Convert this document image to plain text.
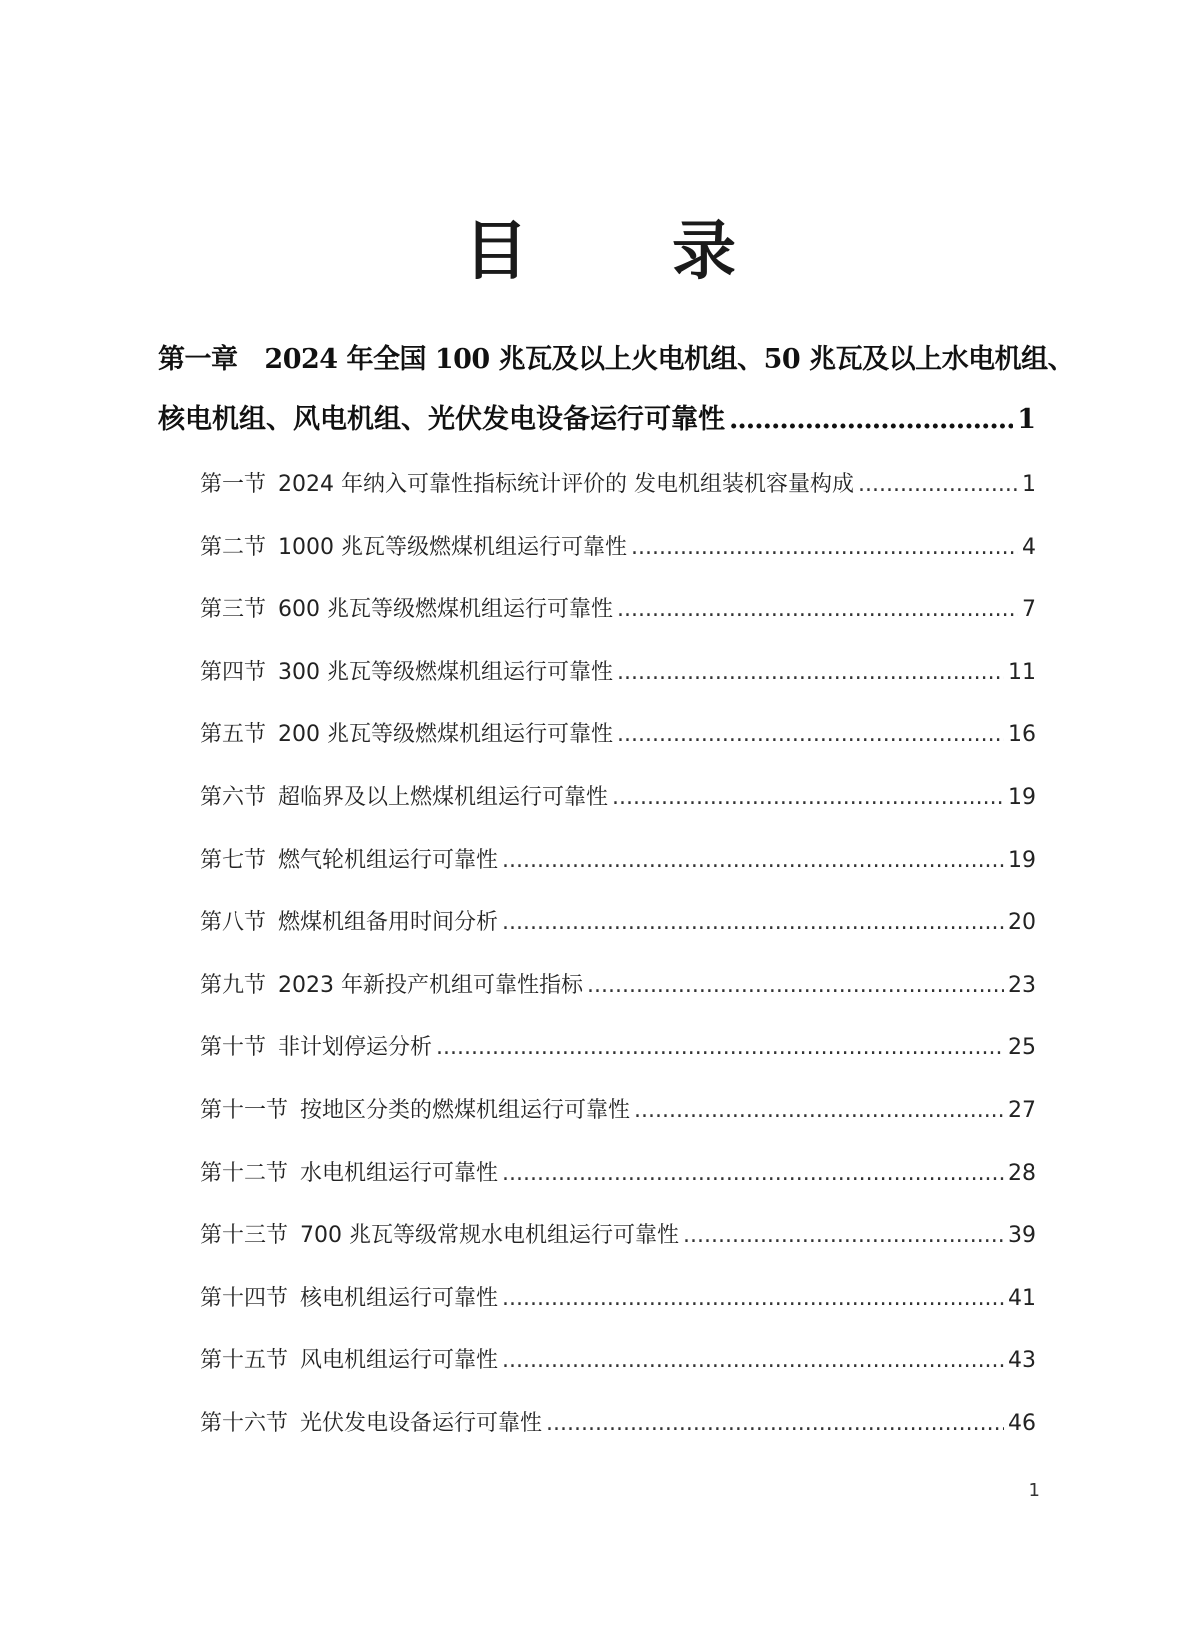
目　录
第一章 2024 年全国 100 兆瓦及以上火电机组、50 兆瓦及以上水电机组、
核电机组、风电机组、光伏发电设备运行可靠性 .....	1
第一节 2024 年纳入可靠性指标统计评价的 发电机组装机容量构成 .....	1
第二节 1000 兆瓦等级燃煤机组运行可靠性 .....	4
第三节 600 兆瓦等级燃煤机组运行可靠性 .....	7
第四节 300 兆瓦等级燃煤机组运行可靠性 .....	11
第五节 200 兆瓦等级燃煤机组运行可靠性 .....	16
第六节 超临界及以上燃煤机组运行可靠性 .....	19
第七节 燃气轮机组运行可靠性 .....	19
第八节 燃煤机组备用时间分析 .....	20
第九节 2023 年新投产机组可靠性指标 .....	23
第十节 非计划停运分析 .....	25
第十一节 按地区分类的燃煤机组运行可靠性 .....	27
第十二节 水电机组运行可靠性 .....	28
第十三节 700 兆瓦等级常规水电机组运行可靠性 .....	39
第十四节 核电机组运行可靠性 .....	41
第十五节 风电机组运行可靠性 .....	43
第十六节 光伏发电设备运行可靠性 .....	46
1
